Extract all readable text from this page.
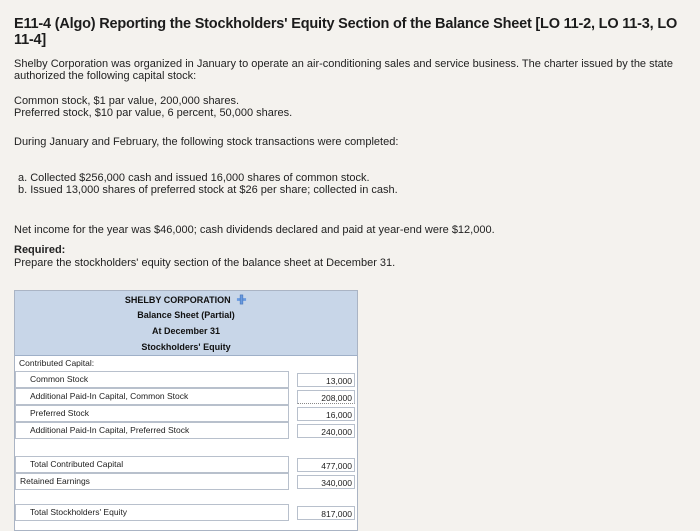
E11-4 (Algo) Reporting the Stockholders' Equity Section of the Balance Sheet [LO 11-2, LO 11-3, LO 11-4]
Shelby Corporation was organized in January to operate an air-conditioning sales and service business. The charter issued by the state authorized the following capital stock:
Common stock, $1 par value, 200,000 shares.
Preferred stock, $10 par value, 6 percent, 50,000 shares.
During January and February, the following stock transactions were completed:
a. Collected $256,000 cash and issued 16,000 shares of common stock.
b. Issued 13,000 shares of preferred stock at $26 per share; collected in cash.
Net income for the year was $46,000; cash dividends declared and paid at year-end were $12,000.
Required:
Prepare the stockholders' equity section of the balance sheet at December 31.
SHELBY CORPORATION
Balance Sheet (Partial)
At December 31
Stockholders' Equity
Contributed Capital:
Common Stock	13,000
Additional Paid-In Capital, Common Stock	208,000
Preferred Stock	16,000
Additional Paid-In Capital, Preferred Stock	240,000
Total Contributed Capital	477,000
Retained Earnings	340,000
Total Stockholders' Equity	817,000
